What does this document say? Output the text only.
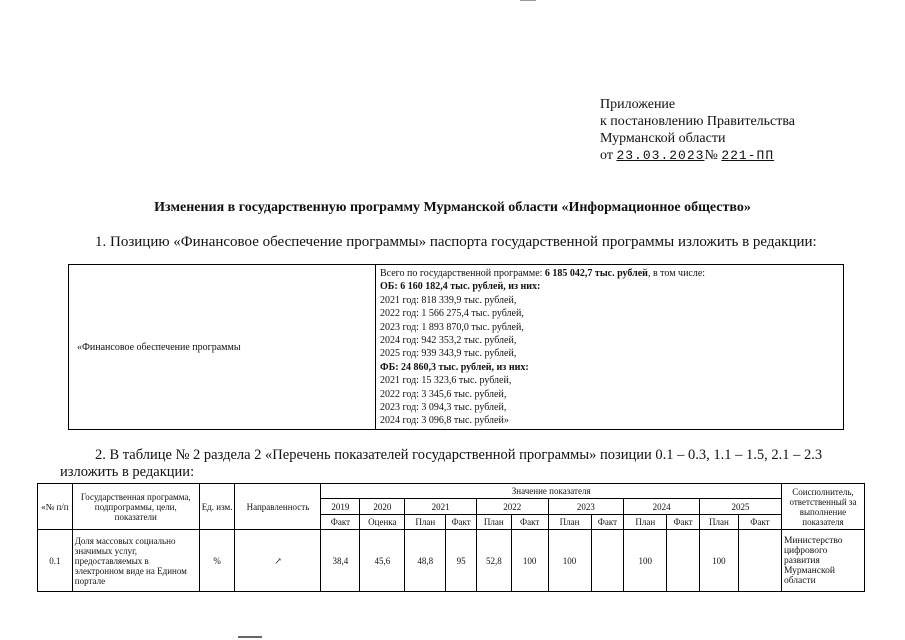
Приложение
к постановлению Правительства
Мурманской области
от 23.03.2023№ 221-ПП
Изменения в государственную программу Мурманской области «Информационное общество»
1. Позицию «Финансовое обеспечение программы» паспорта государственной программы изложить в редакции:
«Финансовое обеспечение программы
Всего по государственной программе: 6 185 042,7 тыс. рублей, в том числе:
ОБ: 6 160 182,4 тыс. рублей, из них:
2021 год: 818 339,9 тыс. рублей,
2022 год: 1 566 275,4 тыс. рублей,
2023 год: 1 893 870,0 тыс. рублей,
2024 год: 942 353,2 тыс. рублей,
2025 год: 939 343,9 тыс. рублей,
ФБ: 24 860,3 тыс. рублей, из них:
2021 год: 15 323,6 тыс. рублей,
2022 год: 3 345,6 тыс. рублей,
2023 год: 3 094,3 тыс. рублей,
2024 год: 3 096,8 тыс. рублей»
2. В таблице № 2 раздела 2 «Перечень показателей государственной программы» позиции 0.1 – 0.3, 1.1 – 1.5, 2.1 – 2.3 изложить в редакции:
«№ п/п	Государственная программа, подпрограммы, цели, показатели	Ед. изм.	Направленность	Значение показателя												Соисполнитель, ответственный за выполнение показателя
				2019	2020	2021		2022		2023		2024		2025		
				Факт	Оценка	План	Факт	План	Факт	План	Факт	План	Факт	План	Факт	
0.1	Доля массовых социально значимых услуг, предоставляемых в электронном виде на Едином портале	%	↗	38,4	45,6	48,8	95	52,8	100	100		100		100		Министерство цифрового развития Мурманской области
